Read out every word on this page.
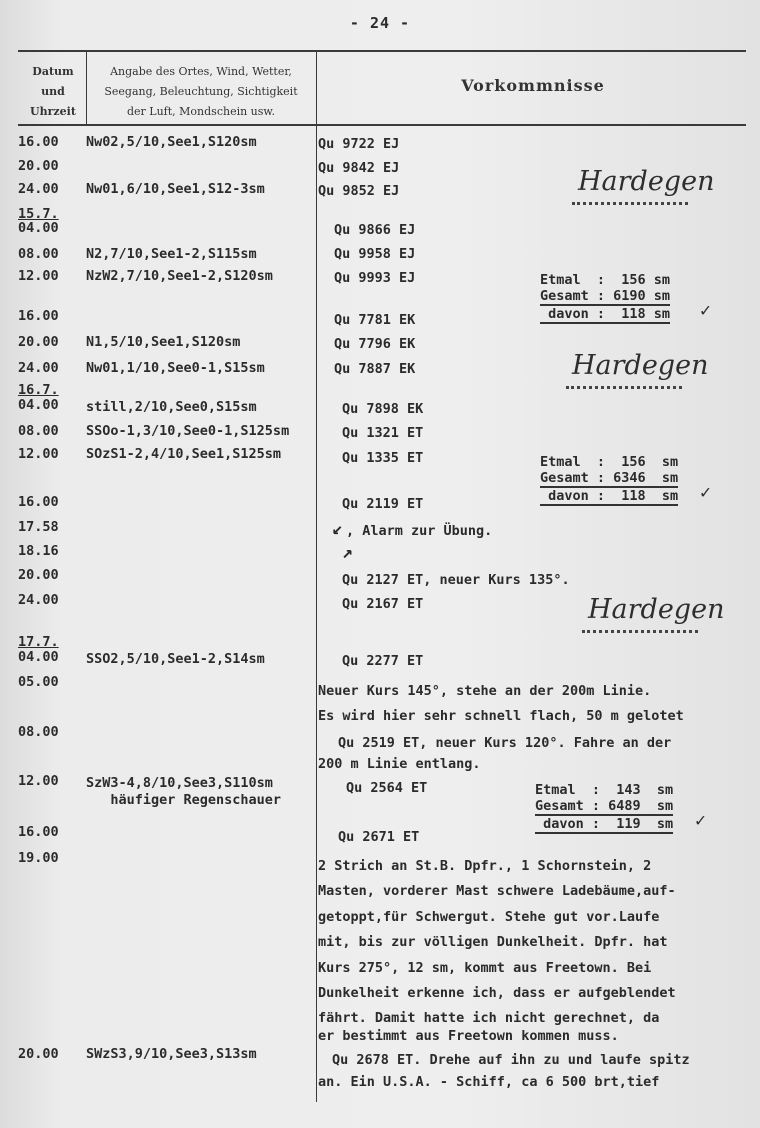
- 24 -
Datum
und
Uhrzeit
Angabe des Ortes, Wind, Wetter,
Seegang, Beleuchtung, Sichtigkeit
der Luft, Mondschein usw.
Vorkommnisse
16.00
20.00
24.00
15.7.
04.00
08.00
12.00
16.00
20.00
24.00
16.7.
04.00
08.00
12.00
16.00
17.58
18.16
20.00
24.00
17.7.
04.00
05.00
08.00
12.00
16.00
19.00
20.00
Nw02,5/10,See1,S120sm
Nw01,6/10,See1,S12-3sm
N2,7/10,See1-2,S115sm
NzW2,7/10,See1-2,S120sm
N1,5/10,See1,S120sm
Nw01,1/10,See0-1,S15sm
still,2/10,See0,S15sm
SSOo-1,3/10,See0-1,S125sm
SOzS1-2,4/10,See1,S125sm
SSO2,5/10,See1-2,S14sm
SzW3-4,8/10,See3,S110sm
häufiger Regenschauer
SWzS3,9/10,See3,S13sm
Qu 9722 EJ
Qu 9842 EJ
Qu 9852 EJ
Qu 9866 EJ
Qu 9958 EJ
Qu 9993 EJ
Qu 7781 EK
Qu 7796 EK
Qu 7887 EK
Qu 7898 EK
Qu 1321 ET
Qu 1335 ET
Qu 2119 ET
, Alarm zur Übung.
Qu 2127 ET, neuer Kurs 135°.
Qu 2167 ET
Qu 2277 ET
Neuer Kurs 145°, stehe an der 200m Linie.
Es wird hier sehr schnell flach, 50 m gelotet
Qu 2519 ET, neuer Kurs 120°. Fahre an der
200 m Linie entlang.
Qu 2564 ET
Qu 2671 ET
2 Strich an St.B. Dpfr., 1 Schornstein, 2
Masten, vorderer Mast schwere Ladebäume,auf-
getoppt,für Schwergut. Stehe gut vor.Laufe
mit, bis zur völligen Dunkelheit. Dpfr. hat
Kurs 275°, 12 sm, kommt aus Freetown. Bei
Dunkelheit erkenne ich, dass er aufgeblendet
fährt. Damit hatte ich nicht gerechnet, da
er bestimmt aus Freetown kommen muss.
Qu 2678 ET. Drehe auf ihn zu und laufe spitz
an. Ein U.S.A. - Schiff, ca 6 500 brt,tief
Etmal  :  156 sm
Gesamt : 6190 sm
davon :  118 sm ✓
Etmal  :  156  sm
Gesamt : 6346  sm
davon :  118  sm ✓
Etmal  :  143  sm
Gesamt : 6489  sm
davon :  119  sm ✓
Hardegen
Hardegen
Hardegen
↙
↗
